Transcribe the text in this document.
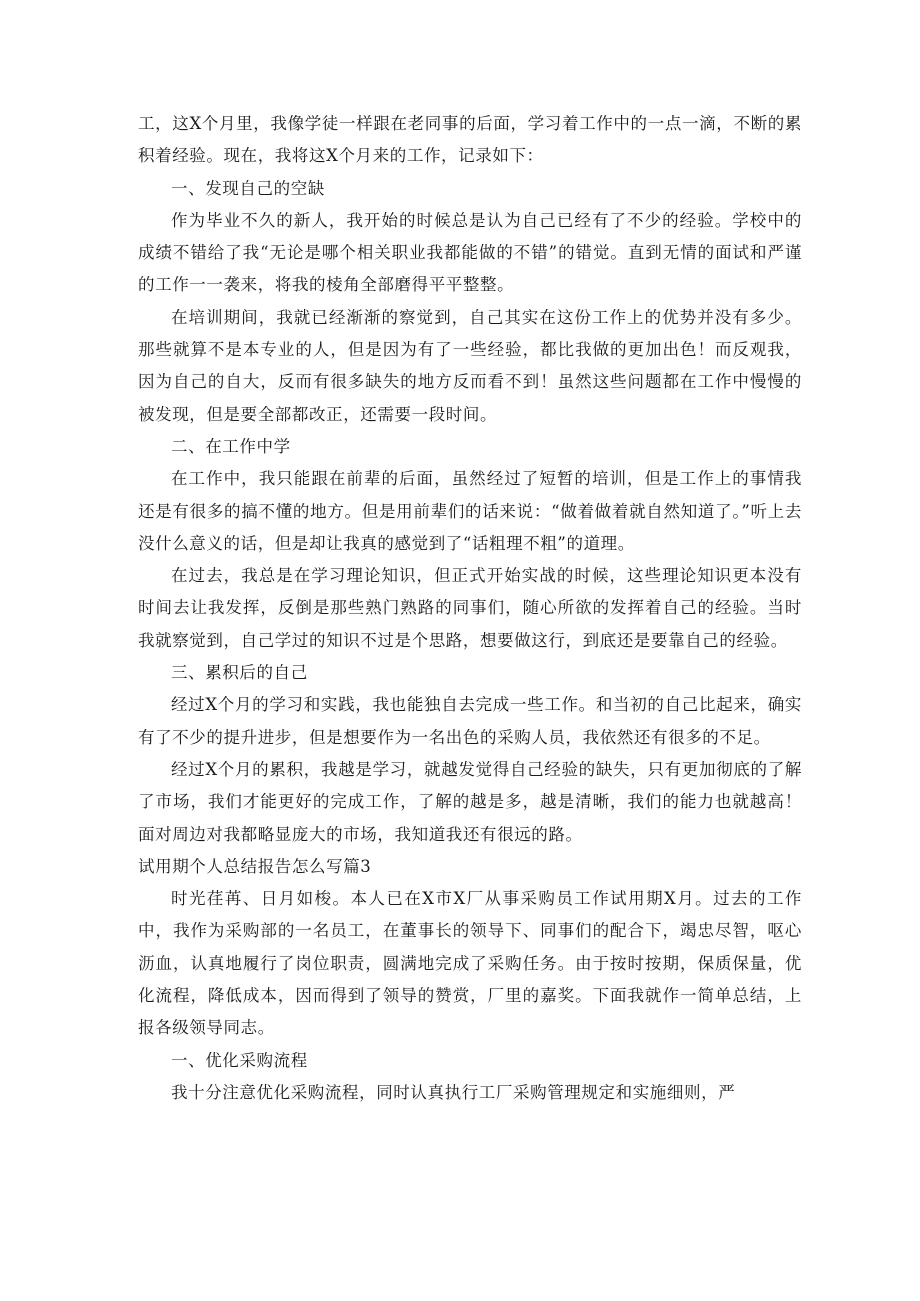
工，这X个月里，我像学徒一样跟在老同事的后面，学习着工作中的一点一滴，不断的累积着经验。现在，我将这X个月来的工作，记录如下：

一、发现自己的空缺

作为毕业不久的新人，我开始的时候总是认为自己已经有了不少的经验。学校中的成绩不错给了我“无论是哪个相关职业我都能做的不错”的错觉。直到无情的面试和严谨的工作一一袭来，将我的棱角全部磨得平平整整。

在培训期间，我就已经渐渐的察觉到，自己其实在这份工作上的优势并没有多少。那些就算不是本专业的人，但是因为有了一些经验，都比我做的更加出色！而反观我，因为自己的自大，反而有很多缺失的地方反而看不到！虽然这些问题都在工作中慢慢的被发现，但是要全部都改正，还需要一段时间。

二、在工作中学

在工作中，我只能跟在前辈的后面，虽然经过了短暂的培训，但是工作上的事情我还是有很多的搞不懂的地方。但是用前辈们的话来说：“做着做着就自然知道了。”听上去没什么意义的话，但是却让我真的感觉到了“话粗理不粗”的道理。

在过去，我总是在学习理论知识，但正式开始实战的时候，这些理论知识更本没有时间去让我发挥，反倒是那些熟门熟路的同事们，随心所欲的发挥着自己的经验。当时我就察觉到，自己学过的知识不过是个思路，想要做这行，到底还是要靠自己的经验。

三、累积后的自己

经过X个月的学习和实践，我也能独自去完成一些工作。和当初的自己比起来，确实有了不少的提升进步，但是想要作为一名出色的采购人员，我依然还有很多的不足。

经过X个月的累积，我越是学习，就越发觉得自己经验的缺失，只有更加彻底的了解了市场，我们才能更好的完成工作，了解的越是多，越是清晰，我们的能力也就越高！面对周边对我都略显庞大的市场，我知道我还有很远的路。

试用期个人总结报告怎么写篇3

时光荏苒、日月如梭。本人已在X市X厂从事采购员工作试用期X月。过去的工作中，我作为采购部的一名员工，在董事长的领导下、同事们的配合下，竭忠尽智，呕心沥血，认真地履行了岗位职责，圆满地完成了采购任务。由于按时按期，保质保量，优化流程，降低成本，因而得到了领导的赞赏，厂里的嘉奖。下面我就作一简单总结，上报各级领导同志。

一、优化采购流程

我十分注意优化采购流程，同时认真执行工厂采购管理规定和实施细则，严
